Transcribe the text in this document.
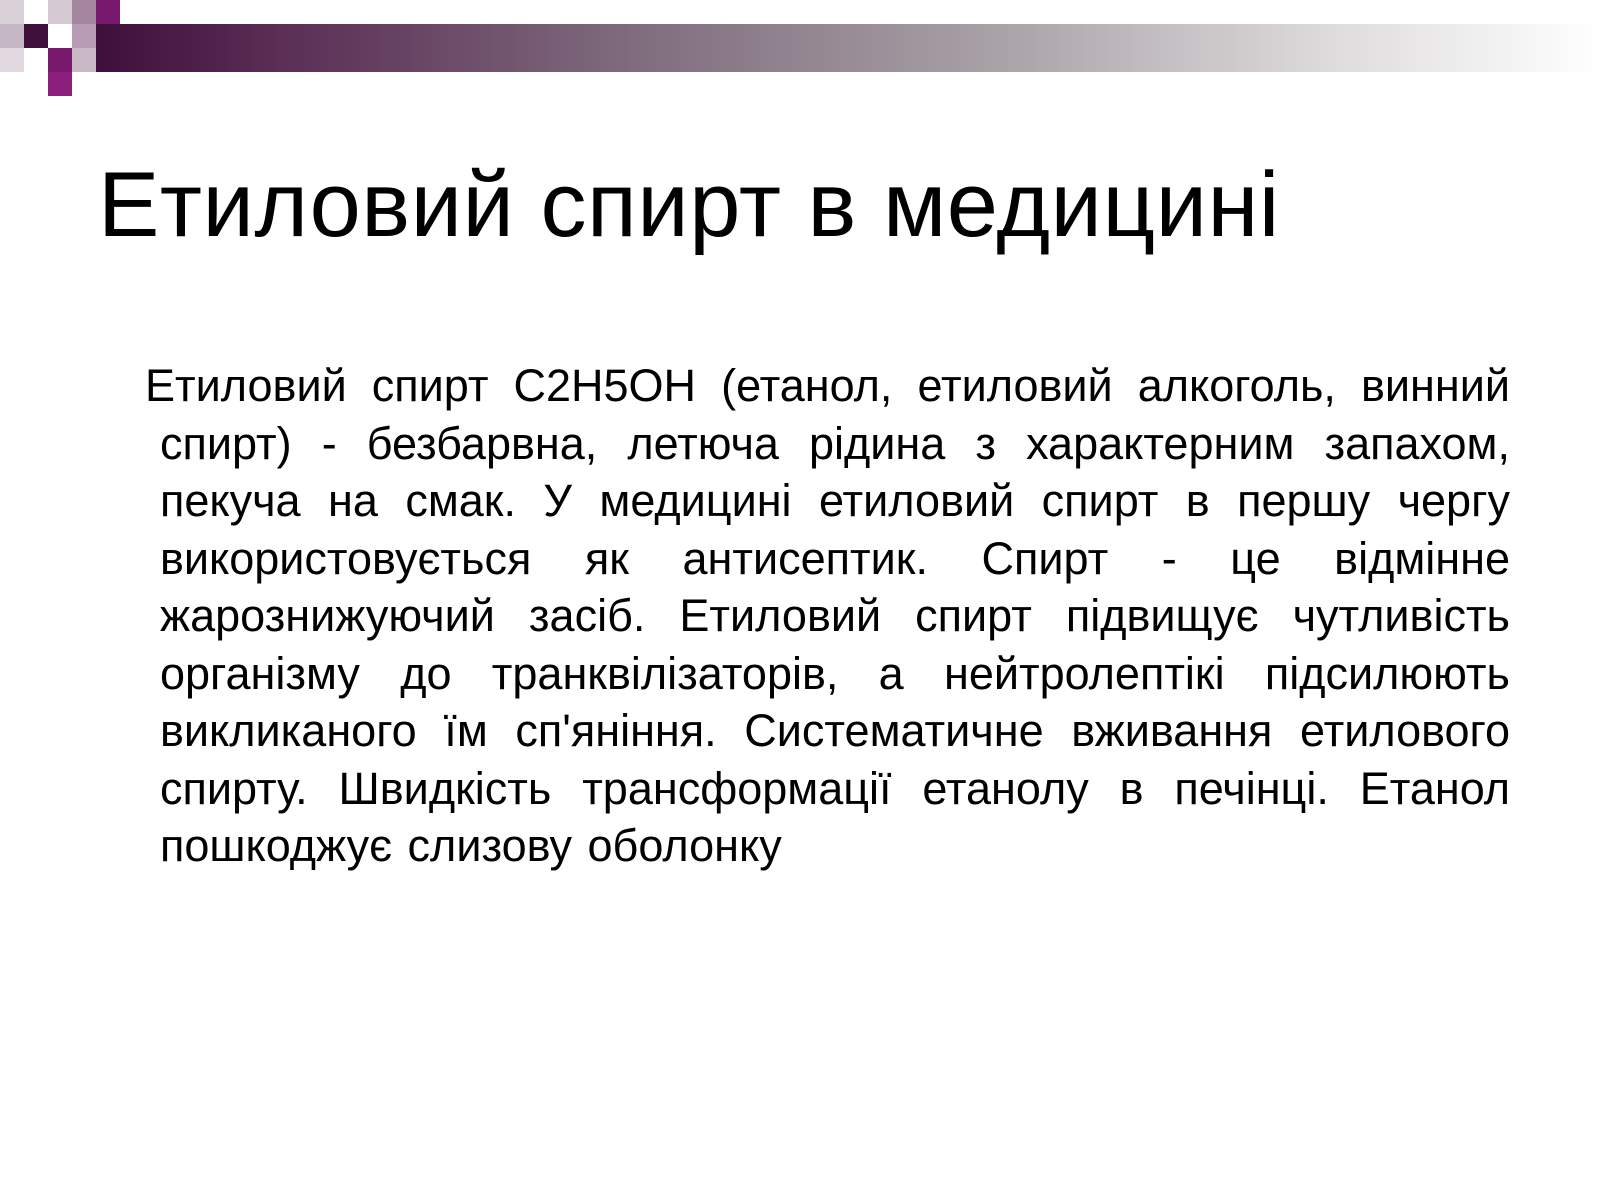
Етиловий спирт в медицині

Етиловий спирт C2H5OH (етанол, етиловий алкоголь, винний спирт) - безбарвна, летюча рідина з характерним запахом, пекуча на смак. У медицині етиловий спирт в першу чергу використовується як антисептик. Спирт - це відмінне жарознижуючий засіб. Етиловий спирт підвищує чутливість організму до транквілізаторів, а нейтролептікі підсилюють викликаного їм сп'яніння. Систематичне вживання етилового спирту. Швидкість трансформації етанолу в печінці. Етанол пошкоджує слизову оболонку
